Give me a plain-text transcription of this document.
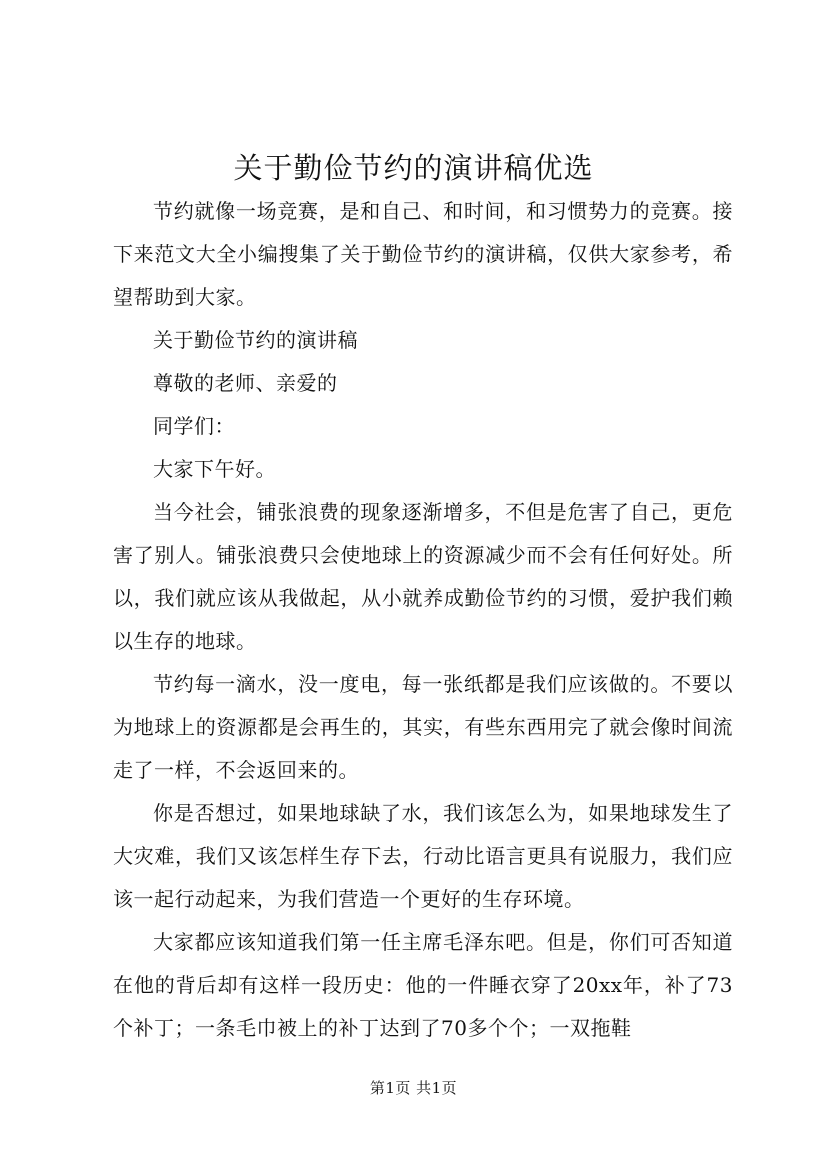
关于勤俭节约的演讲稿优选

节约就像一场竞赛，是和自己、和时间，和习惯势力的竞赛。接下来范文大全小编搜集了关于勤俭节约的演讲稿，仅供大家参考，希望帮助到大家。

关于勤俭节约的演讲稿

尊敬的老师、亲爱的

同学们：

大家下午好。

当今社会，铺张浪费的现象逐渐增多，不但是危害了自己，更危害了别人。铺张浪费只会使地球上的资源减少而不会有任何好处。所以，我们就应该从我做起，从小就养成勤俭节约的习惯，爱护我们赖以生存的地球。

节约每一滴水，没一度电，每一张纸都是我们应该做的。不要以为地球上的资源都是会再生的，其实，有些东西用完了就会像时间流走了一样，不会返回来的。

你是否想过，如果地球缺了水，我们该怎么为，如果地球发生了大灾难，我们又该怎样生存下去，行动比语言更具有说服力，我们应该一起行动起来，为我们营造一个更好的生存环境。

大家都应该知道我们第一任主席毛泽东吧。但是，你们可否知道在他的背后却有这样一段历史：他的一件睡衣穿了20xx年，补了73个补丁；一条毛巾被上的补丁达到了70多个个；一双拖鞋

第1页 共1页
